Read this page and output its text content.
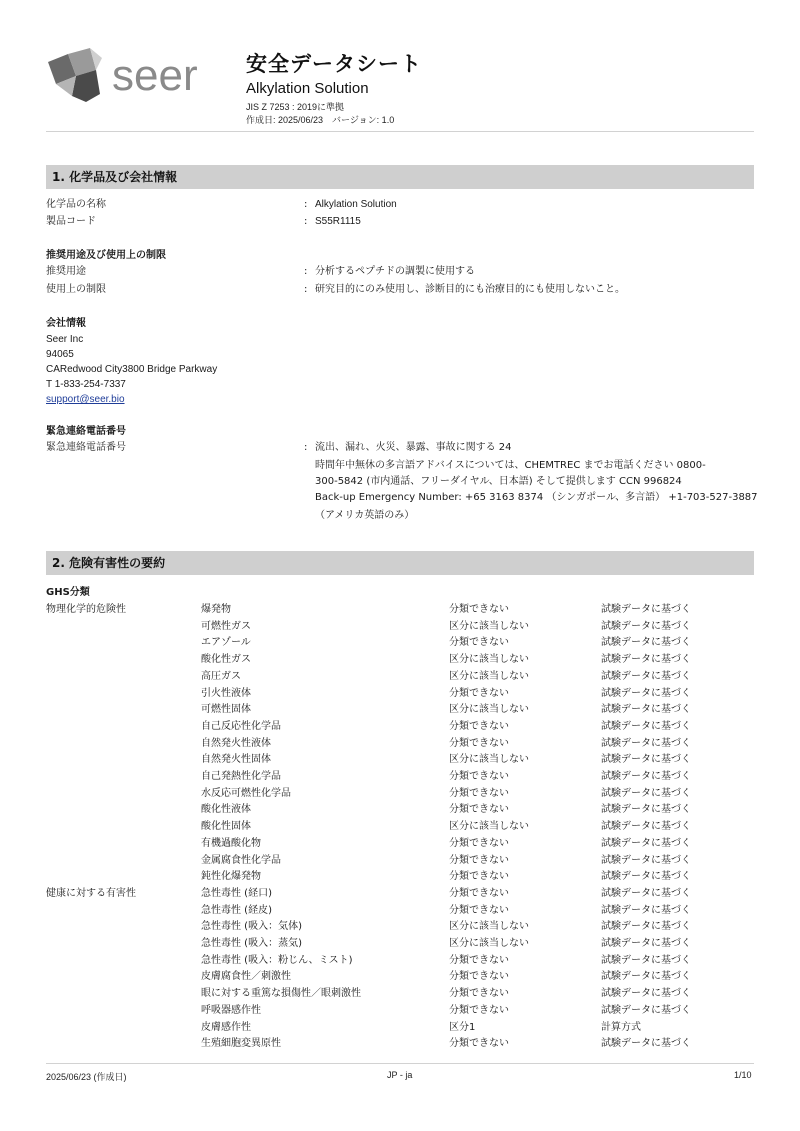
seer 安全データシート
Alkylation Solution
JIS Z 7253 : 2019に準拠
作成日: 2025/06/23　バージョン: 1.0
1. 化学品及び会社情報
化学品の名称	: Alkylation Solution
製品コード	: S55R1115
推奨用途及び使用上の制限
推奨用途	: 分析するペプチドの調製に使用する
使用上の制限	: 研究目的にのみ使用し、診断目的にも治療目的にも使用しないこと。
会社情報
Seer Inc
94065
CARedwood City3800 Bridge Parkway
T 1-833-254-7337
support@seer.bio
緊急連絡電話番号
緊急連絡電話番号	: 流出、漏れ、火災、暴露、事故に関する 24
時間年中無休の多言語アドバイスについては、CHEMTREC までお電話ください 0800-
300-5842 (市内通話、フリーダイヤル、日本語) そして提供します CCN 996824
Back-up Emergency Number: +65 3163 8374 （シンガポール、多言語） +1-703-527-3887
（アメリカ英語のみ）
2. 危険有害性の要約
GHS分類
物理化学的危険性	爆発物	分類できない	試験データに基づく
可燃性ガス	区分に該当しない	試験データに基づく
エアゾール	分類できない	試験データに基づく
酸化性ガス	区分に該当しない	試験データに基づく
高圧ガス	区分に該当しない	試験データに基づく
引火性液体	分類できない	試験データに基づく
可燃性固体	区分に該当しない	試験データに基づく
自己反応性化学品	分類できない	試験データに基づく
自然発火性液体	分類できない	試験データに基づく
自然発火性固体	区分に該当しない	試験データに基づく
自己発熱性化学品	分類できない	試験データに基づく
水反応可燃性化学品	分類できない	試験データに基づく
酸化性液体	分類できない	試験データに基づく
酸化性固体	区分に該当しない	試験データに基づく
有機過酸化物	分類できない	試験データに基づく
金属腐食性化学品	分類できない	試験データに基づく
鈍性化爆発物	分類できない	試験データに基づく
健康に対する有害性	急性毒性 (経口)	分類できない	試験データに基づく
急性毒性 (経皮)	分類できない	試験データに基づく
急性毒性 (吸入：気体)	区分に該当しない	試験データに基づく
急性毒性 (吸入：蒸気)	区分に該当しない	試験データに基づく
急性毒性 (吸入：粉じん、ミスト)	分類できない	試験データに基づく
皮膚腐食性／刺激性	分類できない	試験データに基づく
眼に対する重篤な損傷性／眼刺激性	分類できない	試験データに基づく
呼吸器感作性	分類できない	試験データに基づく
皮膚感作性	区分1	計算方式
生殖細胞変異原性	分類できない	試験データに基づく
2025/06/23 (作成日)	JP - ja	1/10
